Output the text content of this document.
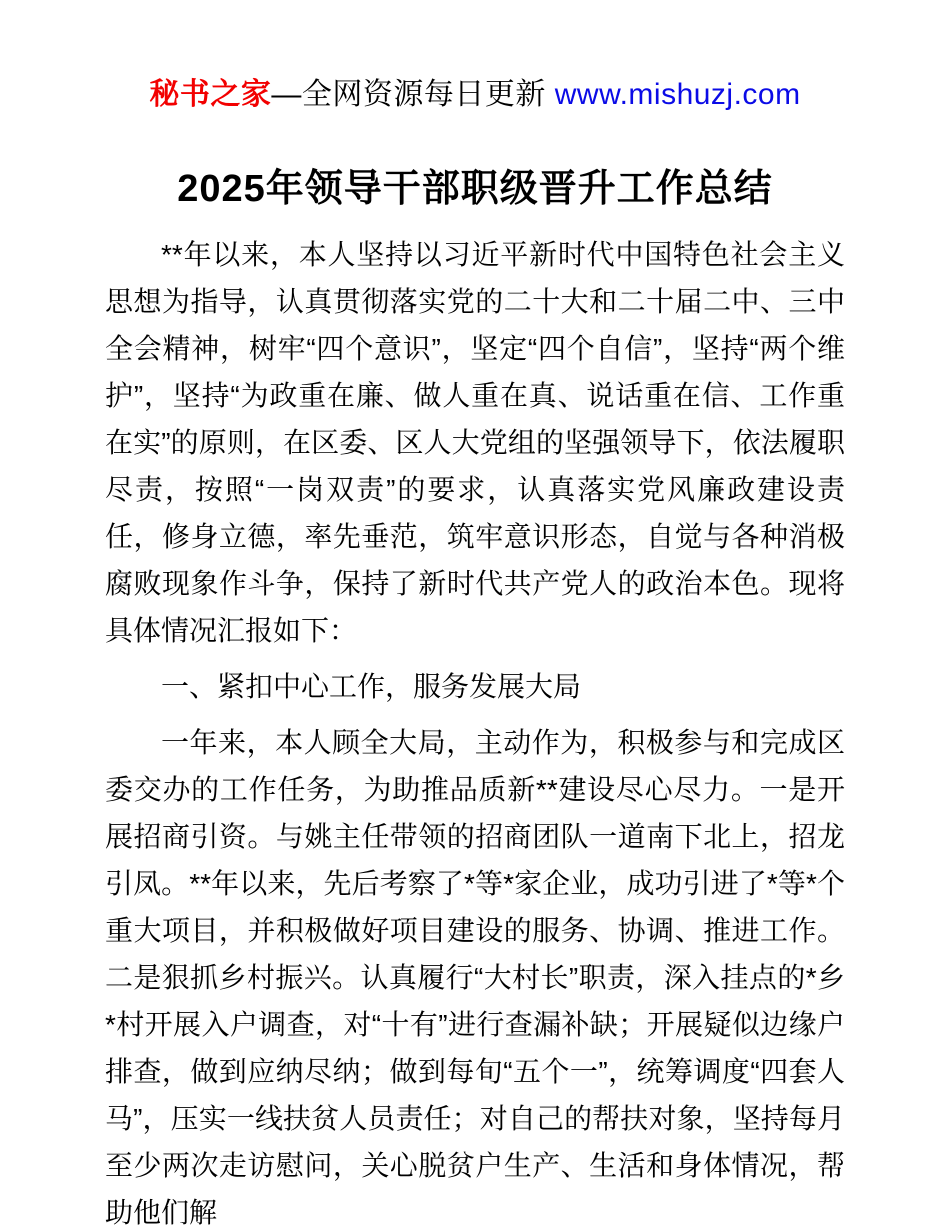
秘书之家—全网资源每日更新 www.mishuzj.com
2025年领导干部职级晋升工作总结

**年以来，本人坚持以习近平新时代中国特色社会主义思想为指导，认真贯彻落实党的二十大和二十届二中、三中全会精神，树牢“四个意识”，坚定“四个自信”，坚持“两个维护”，坚持“为政重在廉、做人重在真、说话重在信、工作重在实”的原则，在区委、区人大党组的坚强领导下，依法履职尽责，按照“一岗双责”的要求，认真落实党风廉政建设责任，修身立德，率先垂范，筑牢意识形态，自觉与各种消极腐败现象作斗争，保持了新时代共产党人的政治本色。现将具体情况汇报如下：

一、紧扣中心工作，服务发展大局

一年来，本人顾全大局，主动作为，积极参与和完成区委交办的工作任务，为助推品质新**建设尽心尽力。一是开展招商引资。与姚主任带领的招商团队一道南下北上，招龙引凤。**年以来，先后考察了*等*家企业，成功引进了*等*个重大项目，并积极做好项目建设的服务、协调、推进工作。二是狠抓乡村振兴。认真履行“大村长”职责，深入挂点的*乡*村开展入户调查，对“十有”进行查漏补缺；开展疑似边缘户排查，做到应纳尽纳；做到每旬“五个一”，统筹调度“四套人马”，压实一线扶贫人员责任；对自己的帮扶对象，坚持每月至少两次走访慰问，关心脱贫户生产、生活和身体情况，帮助他们解
